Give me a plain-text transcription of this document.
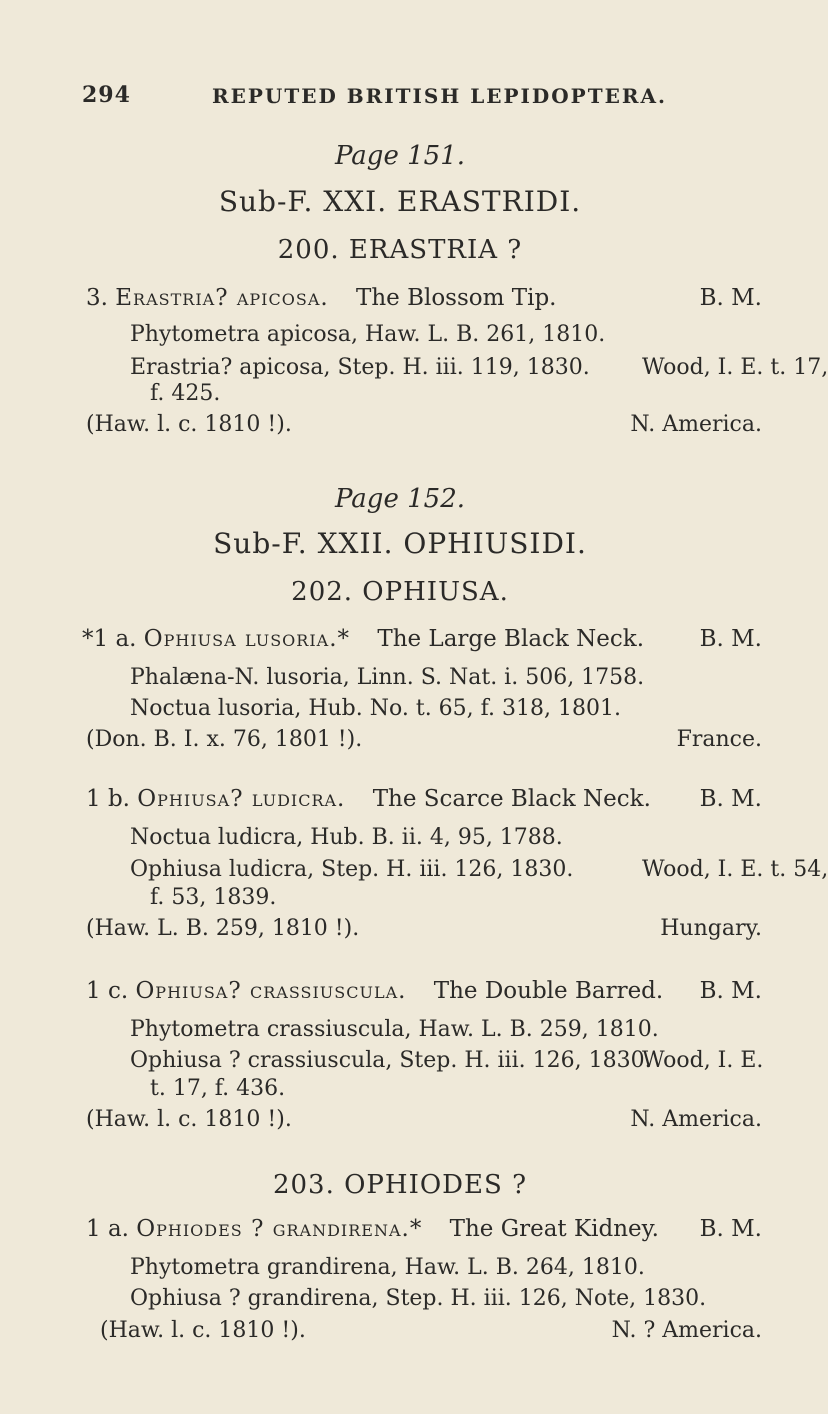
294	REPUTED BRITISH LEPIDOPTERA.
Page 151.
Sub-F. XXI. ERASTRIDI.
200. ERASTRIA ?
3. Erastria? apicosa. The Blossom Tip.	B. M.
Phytometra apicosa, Haw. L. B. 261, 1810.
Erastria? apicosa, Step. H. iii. 119, 1830. Wood, I. E. t. 17,
f. 425.
(Haw. l. c. 1810 !).	N. America.
Page 152.
Sub-F. XXII. OPHIUSIDI.
202. OPHIUSA.
*1 a. Ophiusa lusoria.* The Large Black Neck. B. M.
Phalæna-N. lusoria, Linn. S. Nat. i. 506, 1758.
Noctua lusoria, Hub. No. t. 65, f. 318, 1801.
(Don. B. I. x. 76, 1801 !).	France.
1 b. Ophiusa? ludicra. The Scarce Black Neck. B. M.
Noctua ludicra, Hub. B. ii. 4, 95, 1788.
Ophiusa ludicra, Step. H. iii. 126, 1830.	Wood, I. E. t. 54,
f. 53, 1839.
(Haw. L. B. 259, 1810 !).	Hungary.
1 c. Ophiusa? crassiuscula. The Double Barred. B. M.
Phytometra crassiuscula, Haw. L. B. 259, 1810.
Ophiusa ? crassiuscula, Step. H. iii. 126, 1830.
Wood, I. E.
t. 17, f. 436.
(Haw. l. c. 1810 !).	N. America.
203. OPHIODES ?
1 a. Ophiodes ? grandirena.* The Great Kidney. B. M.
Phytometra grandirena, Haw. L. B. 264, 1810.
Ophiusa ? grandirena, Step. H. iii. 126, Note, 1830.
(Haw. l. c. 1810 !).	N. ? America.
